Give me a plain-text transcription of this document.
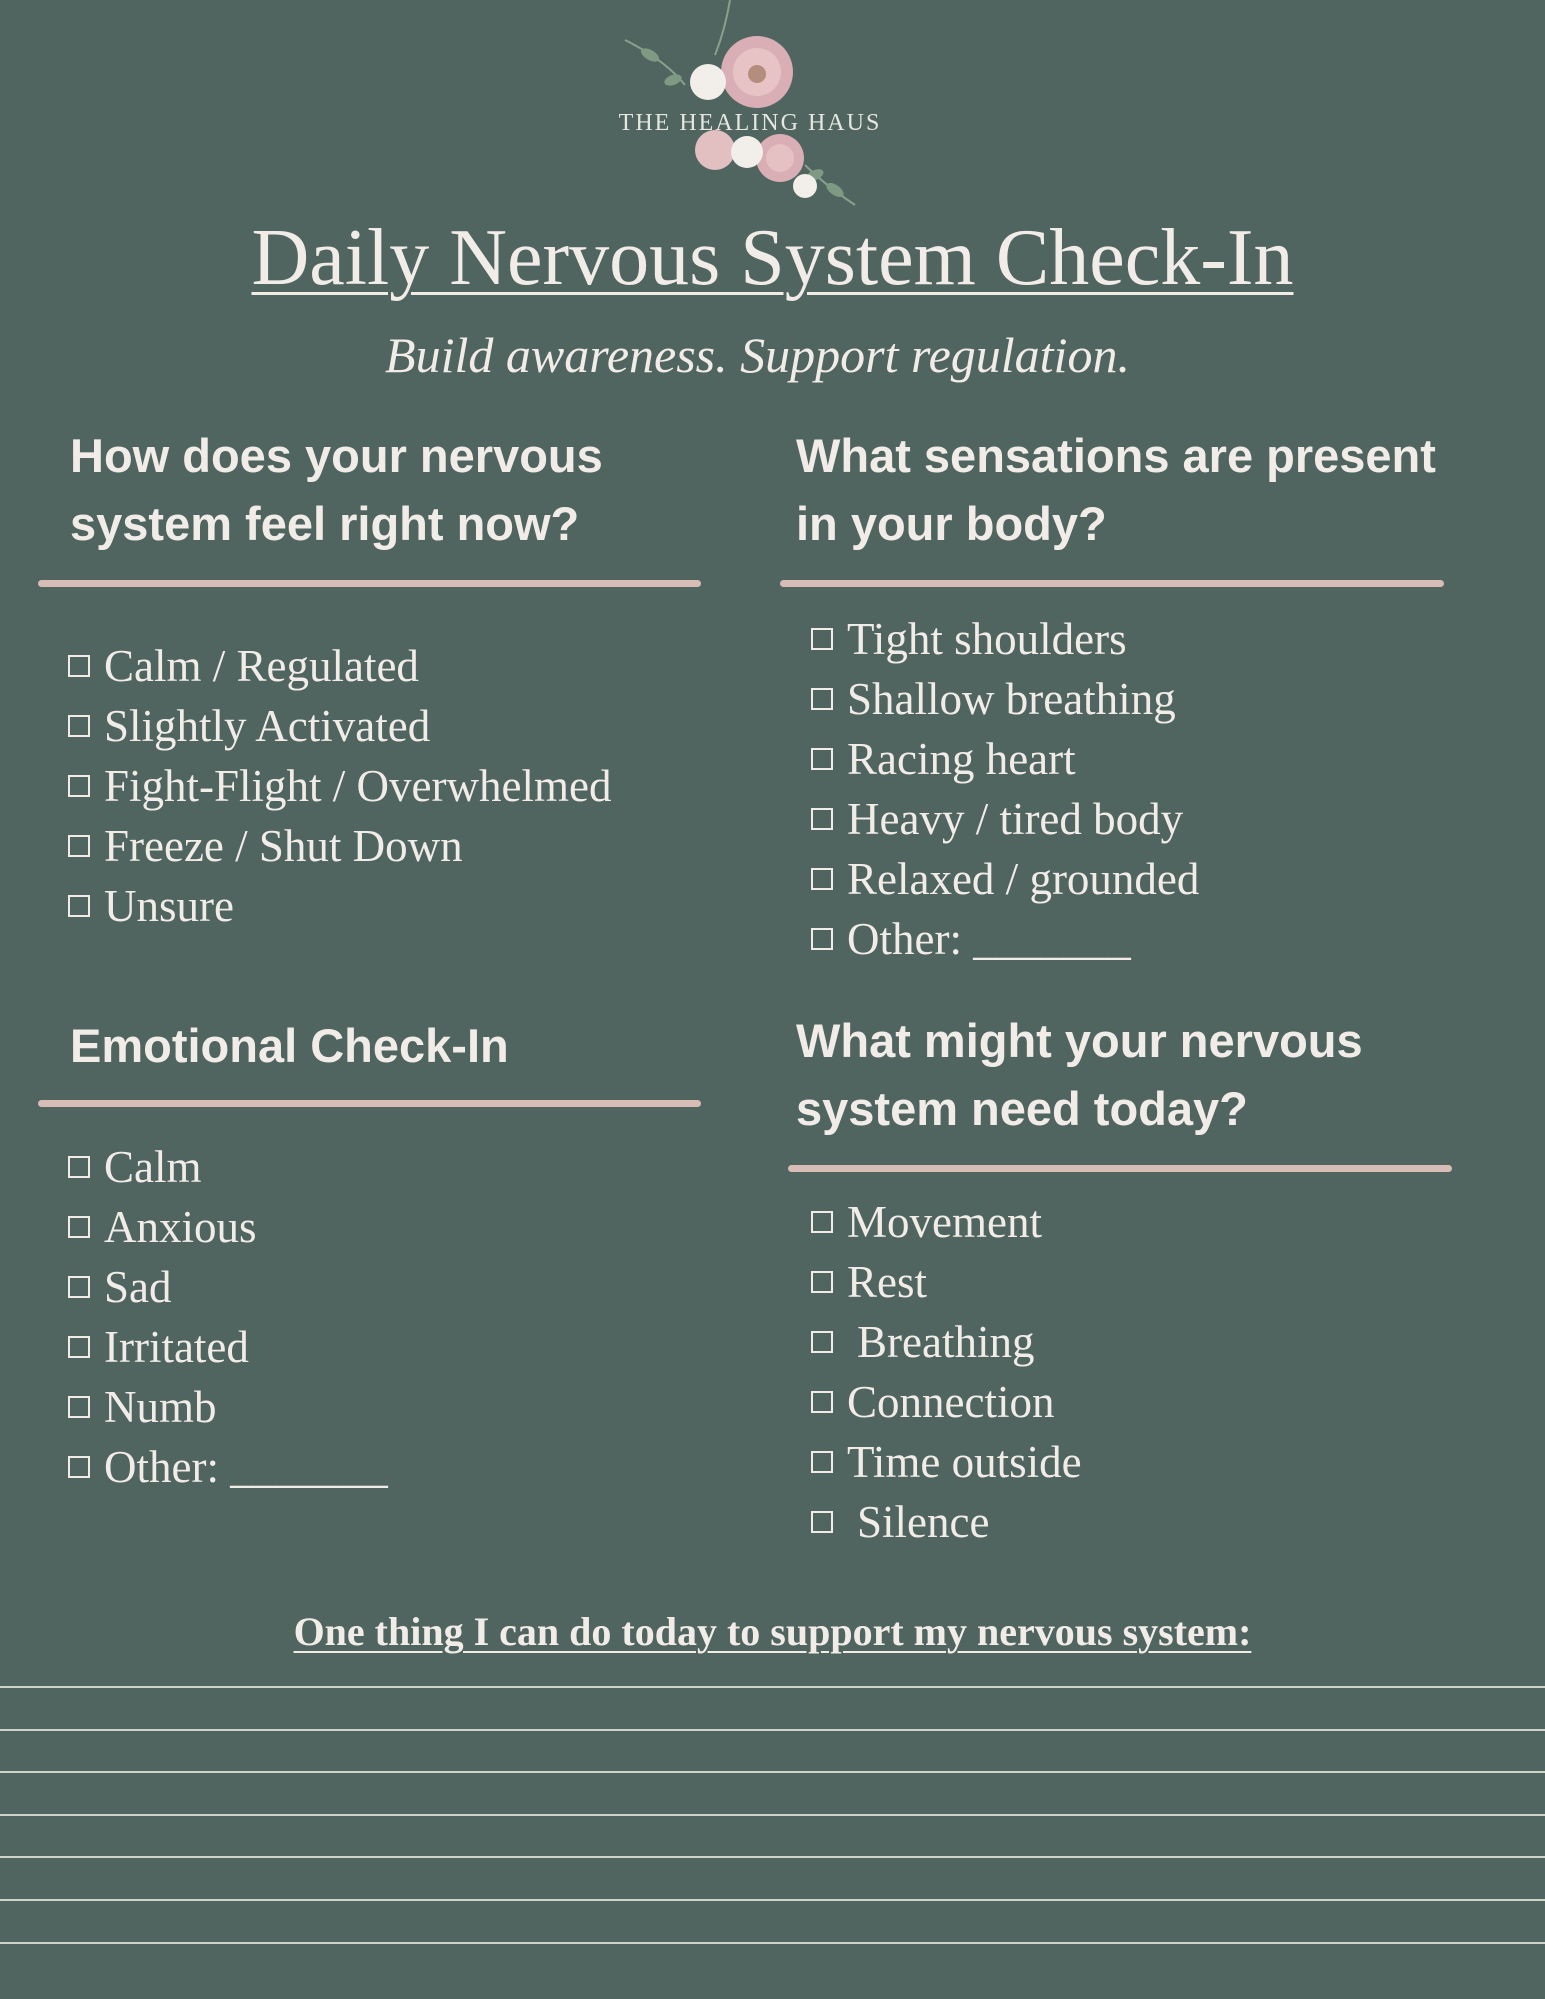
THE HEALING HAUS
Daily Nervous System Check-In
Build awareness. Support regulation.
How does your nervous
system feel right now?
Calm / Regulated
Slightly Activated
Fight-Flight / Overwhelmed
Freeze / Shut Down
Unsure
What sensations are present
in your body?
Tight shoulders
Shallow breathing
Racing heart
Heavy / tired body
Relaxed / grounded
Other: _______
Emotional Check-In
Calm
Anxious
Sad
Irritated
Numb
Other: _______
What might your nervous
system need today?
Movement
Rest
Breathing
Connection
Time outside
Silence
One thing I can do today to support my nervous system:
